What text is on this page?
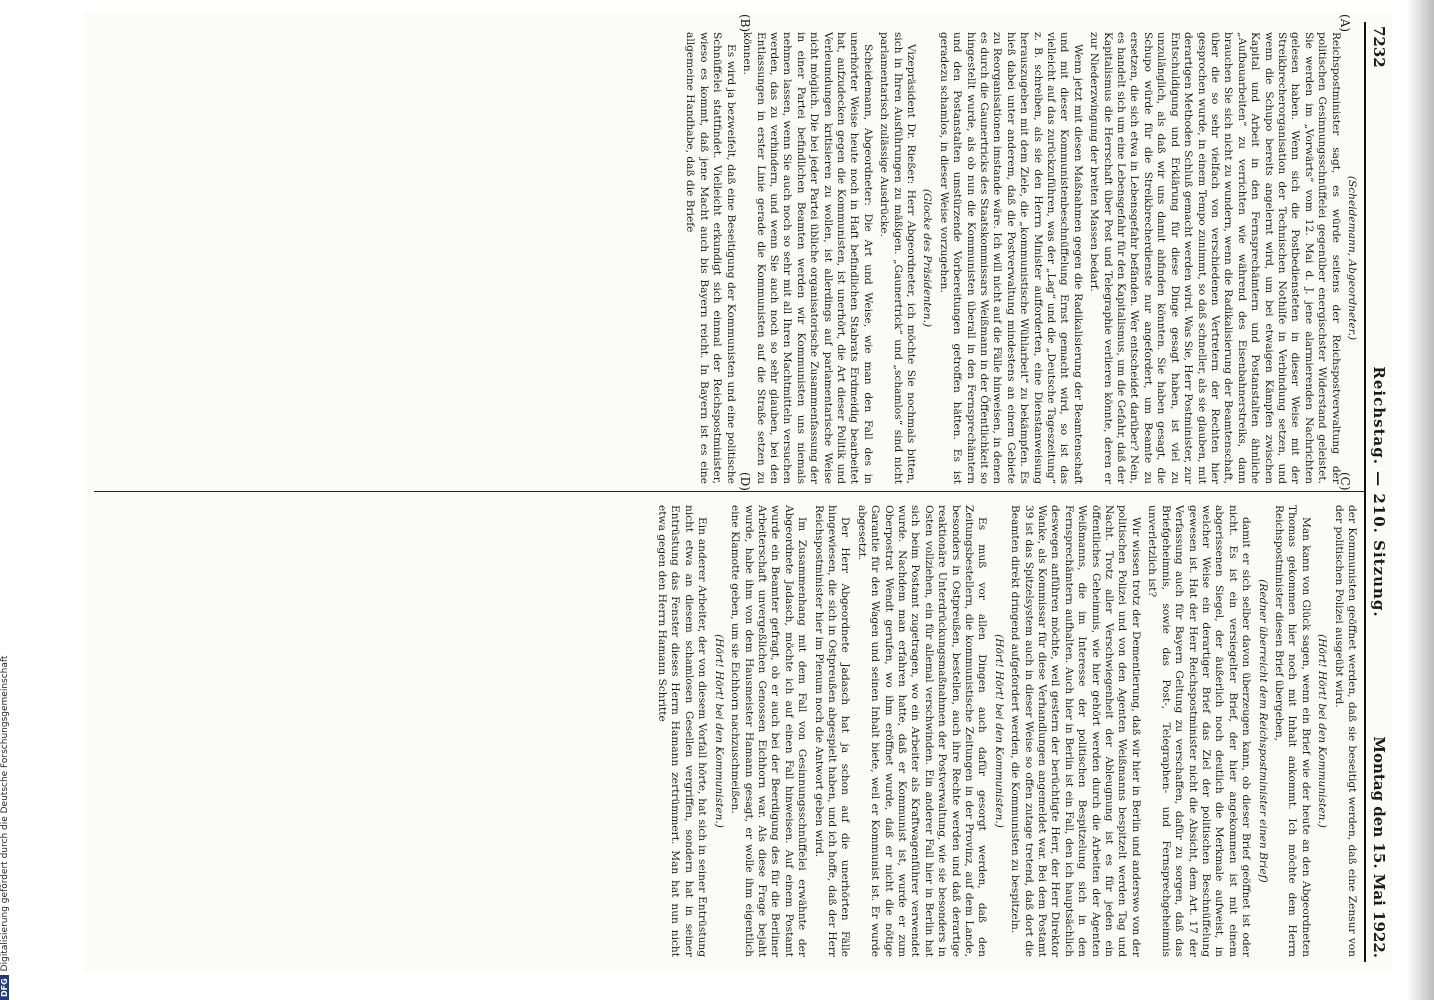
7232
Reichstag. — 210. Sitzung.
Montag den 15. Mai 1922.
(A)
(B)
(C)
(D)

(Scheidemann, Abgeordneter.)

Reichspostminister sagt, es würde seitens der Reichspostverwaltung der politischen Gesinnungsschnüffelei gegenüber energischster Widerstand geleistet. Sie werden im „Vorwärts“ vom 12. Mai d. J. jene alarmierenden Nachrichten gelesen haben. Wenn sich die Postbediensteten in dieser Weise mit der Streikbrecherorganisation der Technischen Nothilfe in Verbindung setzen, und wenn die Schupo bereits angelernt wird, um bei etwaigen Kämpfen zwischen Kapital und Arbeit in den Fernsprechämtern und Postanstalten ähnliche „Aufbauarbeiten“ zu verrichten wie während des Eisenbahnerstreiks, dann brauchen Sie sich nicht zu wundern, wenn die Radikalisierung der Beamtenschaft, über die so sehr vielfach von verschiedenen Vertretern der Rechten hier gesprochen wurde, in einem Tempo zunimmt, so daß schneller, als sie glauben, mit derartigen Methoden Schluß gemacht werden wird. Was Sie, Herr Postminister, zur Entschuldigung und Erklärung für diese Dinge gesagt haben, ist viel zu unzulänglich, als daß wir uns damit abfinden könnten. Sie haben gesagt, die Schupo würde für die Streikbrecherdienste nur angefordert, um Beamte zu ersetzen, die sich etwa in Lebensgefahr befänden. Wer entscheidet darüber? Nein, es handelt sich um eine Lebensgefahr für den Kapitalismus, um die Gefahr, daß der Kapitalismus die Herrschaft über Post und Telegraphie verlieren könnte, deren er zur Niederzwingung der breiten Massen bedarf.

Wenn jetzt mit diesen Maßnahmen gegen die Radikalisierung der Beamtenschaft und mit dieser Kommunistenbeschnüffelung Ernst gemacht wird, so ist das vielleicht auf das zurückzuführen, was der „Lag“ und die „Deutsche Tageszeitung“ z. B. schreiben, als sie den Herrn Minister aufforderten, eine Dienstanweisung herauszugeben mit dem Ziele, die „kommunistische Wühlarbeit“ zu bekämpfen. Es hieß dabei unter anderem, daß die Postverwaltung mindestens an einem Gebiete zu Reorganisationen imstande wäre. Ich will nicht auf die Fälle hinweisen, in denen es durch die Gaunertricks des Staatskommissars Weißmann in der Öffentlichkeit so hingestellt wurde, als ob nun die Kommunisten überall in den Fernsprechämtern und den Postanstalten umstürzende Vorbereitungen getroffen hätten. Es ist geradezu schamlos, in dieser Weise vorzugehen.

(Glocke des Präsidenten.)

Vizepräsident Dr. Rießer: Herr Abgeordneter, ich möchte Sie nochmals bitten, sich in Ihren Ausführungen zu mäßigen. „Gaunertrick“ und „schamlos“ sind nicht parlamentarisch zulässige Ausdrücke.

Scheidemann, Abgeordneter: Die Art und Weise, wie man den Fall des in unerhörter Weise heute noch in Haft befindlichen Stabrats Erdmeidig bearbeitet hat, aufzudecken gegen die Kommunisten, ist unerhört, die Art dieser Politik und Verleumdungen kritisieren zu wollen, ist allerdings auf parlamentarische Weise nicht möglich. Die bei jeder Partei übliche organisatorische Zusammenfassung der in einer Partei befindlichen Beamten werden wir Kommunisten uns niemals nehmen lassen, wenn Sie auch noch so sehr mit all Ihren Machtmitteln versuchen werden, das zu verhindern, und wenn Sie auch noch so sehr glauben, bei den Entlassungen in erster Linie gerade die Kommunisten auf die Straße setzen zu können.

Es wird ja bezweifelt, daß eine Beseitigung der Kommunisten und eine politische Schnüffelei stattfindet. Vielleicht erkundigt sich einmal der Reichspostminister, wieso es kommt, daß jene Macht auch bis Bayern reicht. In Bayern ist es eine allgemeine Handhabe, daß die Briefe

der Kommunisten geöffnet werden, daß sie beseitigt werden, daß eine Zensur von der politischen Polizei ausgeübt wird.

(Hört! Hört! bei den Kommunisten.)

Man kann von Glück sagen, wenn ein Brief wie der heute an den Abgeordneten Thomas gekommen hier noch mit Inhalt ankommt. Ich möchte dem Herrn Reichspostminister diesen Brief übergeben,

(Redner überreicht dem Reichspostminister einen Brief)

damit er sich selber davon überzeugen kann, ob dieser Brief geöffnet ist oder nicht. Es ist ein versiegelter Brief, der hier angekommen ist mit einem abgerissenen Siegel, der äußerlich noch deutlich die Merkmale aufweist, in welcher Weise ein derartiger Brief das Ziel der politischen Beschnüffelung gewesen ist. Hat der Herr Reichspostminister nicht die Absicht, dem Art. 17 der Verfassung auch für Bayern Geltung zu verschaffen, dafür zu sorgen, daß das Briefgeheimnis, sowie das Post-, Telegraphen- und Fernsprechgeheimnis unverletzlich ist?

Wir wissen trotz der Dementierung, daß wir hier in Berlin und anderswo von der politischen Polizei und von den Agenten Weißmanns bespitzelt werden Tag und Nacht. Trotz aller Verschwiegenheit der Ableugnung ist es für jeden ein öffentliches Geheimnis, wie hier gehört werden durch die Arbeiten der Agenten Weißmanns, die im Interesse der politischen Bespitzelung sich in den Fernsprechämtern aufhalten. Auch hier in Berlin ist ein Fall, den ich hauptsächlich deswegen anführen möchte, weil gestern der berüchtigte Herr, der Herr Direktor Wanke, als Kommissar für diese Verhandlungen angemeldet war. Bei dem Postamt 39 ist das Spitzelsystem auch in dieser Weise so offen zutage tretend, daß dort die Beamten direkt dringend aufgefordert werden, die Kommunisten zu bespitzeln.

(Hört! Hört! bei den Kommunisten.)

Es muß vor allen Dingen auch dafür gesorgt werden, daß den Zeitungsbestellern, die kommunistische Zeitungen in der Provinz, auf dem Lande, besonders in Ostpreußen, bestellen, auch ihre Rechte werden und daß derartige reaktionäre Unterdrückungsmaßnahmen der Postverwaltung, wie sie besonders in Osten vollziehen, ein für allemal verschwinden. Ein anderer Fall hier in Berlin hat sich beim Postamt zugetragen, wo ein Arbeiter als Kraftwagenführer verwendet wurde. Nachdem man erfahren hatte, daß er Kommunist ist, wurde er zum Oberpostrat Wendt gerufen, wo ihm eröffnet wurde, daß er nicht die nötige Garantie für den Wagen und seinen Inhalt biete, weil er Kommunist ist. Er wurde abgesetzt.

Der Herr Abgeordnete Jadasch hat ja schon auf die unerhörten Fälle hingewiesen, die sich in Ostpreußen abgespielt haben, und ich hoffe, daß der Herr Reichspostminister hier im Plenum noch die Antwort geben wird.

Im Zusammenhang mit dem Fall von Gesinnungsschnüffelei erwähnte der Abgeordnete Jadasch, möchte ich auf einen Fall hinweisen. Auf einem Postamt wurde ein Beamter gefragt, ob er auch bei der Beerdigung des für die Berliner Arbeiterschaft unvergeßlichen Genossen Eichhorn war. Als diese Frage bejaht wurde, habe ihm von dem Hausmeister Hamann gesagt, er wolle ihm eigentlich eine Klamotte geben, um sie Eichhorn nachzuschmeißen.

(Hört! Hört! bei den Kommunisten.)

Ein anderer Arbeiter, der von diesem Vorfall hörte, hat sich in seiner Entrüstung nicht etwa an diesem schamlosen Gesellen vergriffen, sondern hat in seiner Entrüstung das Fenster dieses Herrn Hamann zertrümmert. Man hat nun nicht etwa gegen den Herrn Hamann Schritte

DFGDigitalisierung gefördert durch die Deutsche Forschungsgemeinschaft
